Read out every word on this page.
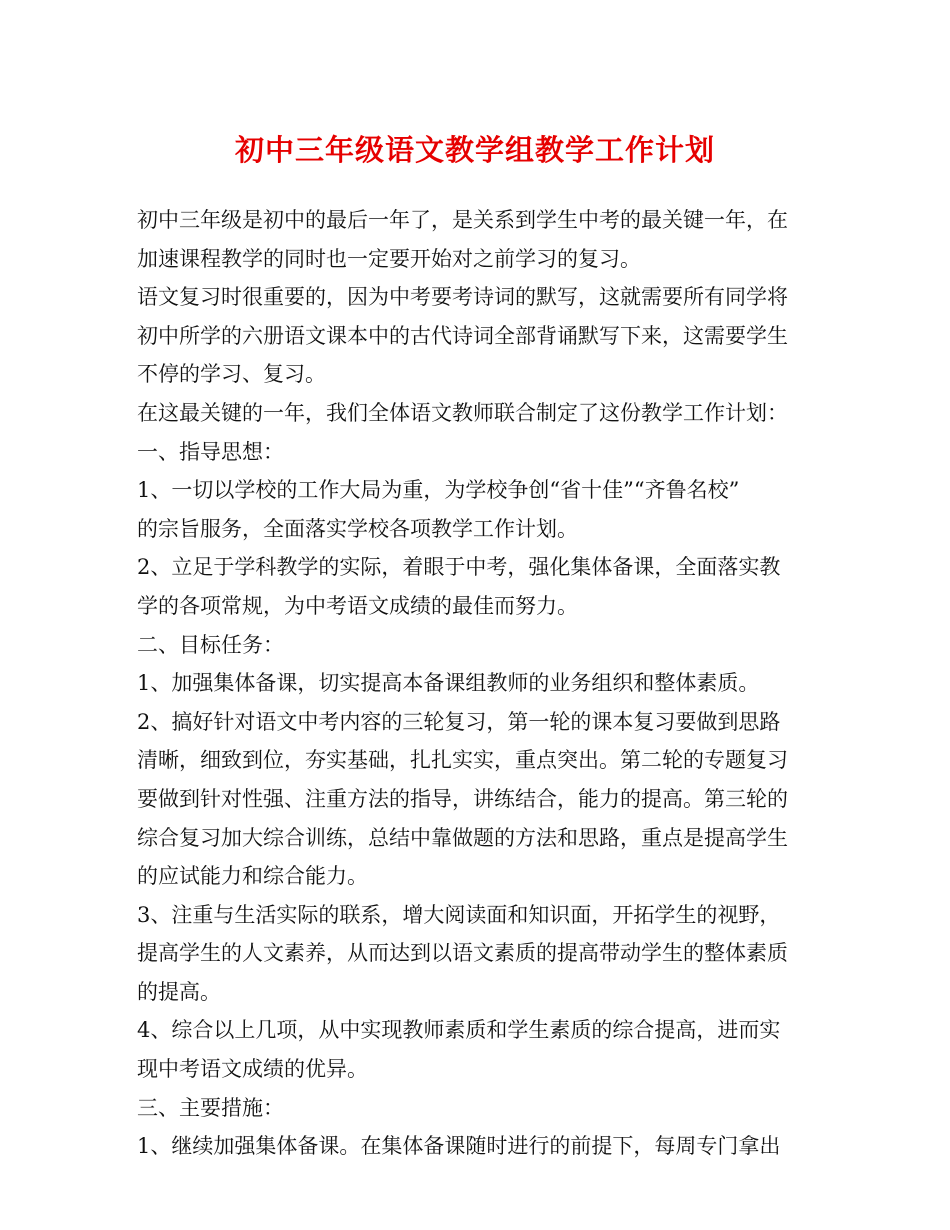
初中三年级语文教学组教学工作计划

初中三年级是初中的最后一年了，是关系到学生中考的最关键一年，在

加速课程教学的同时也一定要开始对之前学习的复习。

语文复习时很重要的，因为中考要考诗词的默写，这就需要所有同学将

初中所学的六册语文课本中的古代诗词全部背诵默写下来，这需要学生

不停的学习、复习。

在这最关键的一年，我们全体语文教师联合制定了这份教学工作计划：

一、指导思想：

1、一切以学校的工作大局为重，为学校争创“省十佳”“齐鲁名校”

的宗旨服务，全面落实学校各项教学工作计划。

2、立足于学科教学的实际，着眼于中考，强化集体备课，全面落实教

学的各项常规，为中考语文成绩的最佳而努力。

二、目标任务：

1、加强集体备课，切实提高本备课组教师的业务组织和整体素质。

2、搞好针对语文中考内容的三轮复习，第一轮的课本复习要做到思路

清晰，细致到位，夯实基础，扎扎实实，重点突出。第二轮的专题复习

要做到针对性强、注重方法的指导，讲练结合，能力的提高。第三轮的

综合复习加大综合训练，总结中靠做题的方法和思路，重点是提高学生

的应试能力和综合能力。

3、注重与生活实际的联系，增大阅读面和知识面，开拓学生的视野，

提高学生的人文素养，从而达到以语文素质的提高带动学生的整体素质

的提高。

4、综合以上几项，从中实现教师素质和学生素质的综合提高，进而实

现中考语文成绩的优异。

三、主要措施：

1、继续加强集体备课。在集体备课随时进行的前提下，每周专门拿出
